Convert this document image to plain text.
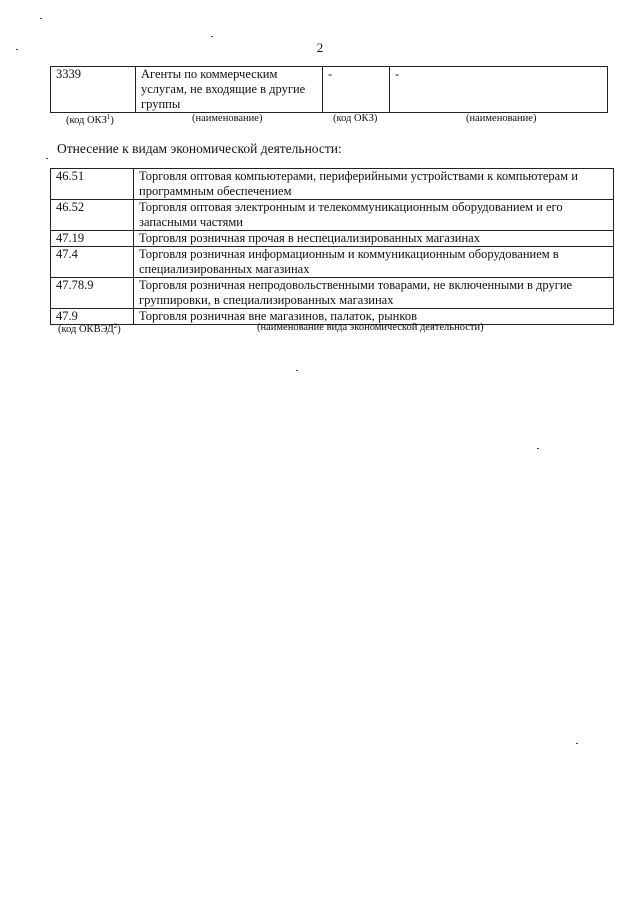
2
3339	Агенты по коммерческим услугам, не входящие в другие группы	-	-
(код ОКЗ$^1$)	(наименование)	(код ОКЗ)	(наименование)
Отнесение к видам экономической деятельности:
46.51	Торговля оптовая компьютерами, периферийными устройствами к компьютерам и программным обеспечением
46.52	Торговля оптовая электронным и телекоммуникационным оборудованием и его запасными частями
47.19	Торговля розничная прочая в неспециализированных магазинах
47.4	Торговля розничная информационным и коммуникационным оборудованием в специализированных магазинах
47.78.9	Торговля розничная непродовольственными товарами, не включенными в другие группировки, в специализированных магазинах
47.9	Торговля розничная вне магазинов, палаток, рынков
(код ОКВЭД$^2$)	(наименование вида экономической деятельности)
